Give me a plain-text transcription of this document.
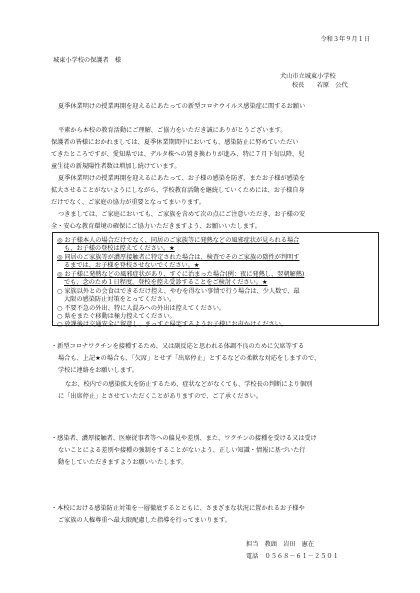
令和３年９月１日
城東小学校の保護者　様
犬山市立城東小学校
校長　　若原　公代
夏季休業明けの授業再開を迎えるにあたっての新型コロナウイルス感染症に関するお願い
平素から本校の教育活動にご理解、ご協力をいただき誠にありがとうございます。
保護者の皆様におかれましては、夏季休業期間中においても、感染防止に努めていただい
てきたところですが、愛知県では、デルタ株への置き換わりが進み、特に７月下旬以降、児
童生徒の新規陽性者数は増加し続けています。
夏季休業明けの授業再開を迎えるにあたって、お子様の感染を防ぎ、またお子様が感染を
拡大させることがないようにしながら、学校教育活動を継続していくためには、お子様自身
だけでなく、ご家庭の協力が重要となってまいります。
つきましては、ご家庭においても、ご家族を含めて次の点にご注意いただき、お子様の安
全・安心な教育環境の確保にご協力いただきますよう、お願いいたします。
◎ お子様本人の場合だけでなく、同居のご家族等に発熱などの風邪症状が見られる場合
も、お子様の登校は控えてください。★
◎ 同居のご家族等が濃厚接触者に特定された場合は、検査でそのご家族の陰性が判明す
るまでは、お子様を登校させないでください。★
◎ お子様に発熱などの風邪症状があり、すぐに治まった場合(例：夜に発熱し、翌朝解熱)
でも、念のため１日程度、登校を控え受診することをご検討ください。★
○ 家族以外との会食はできるだけ控え、やむを得ない事情で行う場合は、少人数で、最
大限の感染防止対策をとってください。
○ 不要不急の外出、特に人混みへの外出は控えてください。
○ 県をまたぐ移動は極力控えてください。
○ 放課後は交通安全に留意し、まっすぐ帰宅するようお子様にお声かけください。
・新型コロナワクチンを接種するため、又は副反応と思われる体調不良のために欠席等する
場合も、上記★の場合も、「欠席」とせず「出席停止」とするなどの柔軟な対応をしますので、
学校に連絡をお願いします。
なお、校内での感染拡大を防止するため、症状などがなくても、学校長の判断により個別
に「出席停止」とさせていただくことがありますので、ご了承ください。
・感染者、濃厚接触者、医療従事者等への偏見や差別、また、ワクチンの接種を受ける又は受け
ないことによる差別や接種の強制をすることがないよう、正しい知識・情報に基づいた行
動をしていただきますようお願いいたします。
・本校における感染防止対策を一層徹底するとともに、さまざまな状況に置かれるお子様や
ご家族の人権尊重へ最大限配慮した指導を行ってまいります。
担当　教頭　岩田　憲在
電話　０５６８－６１－２５０１
